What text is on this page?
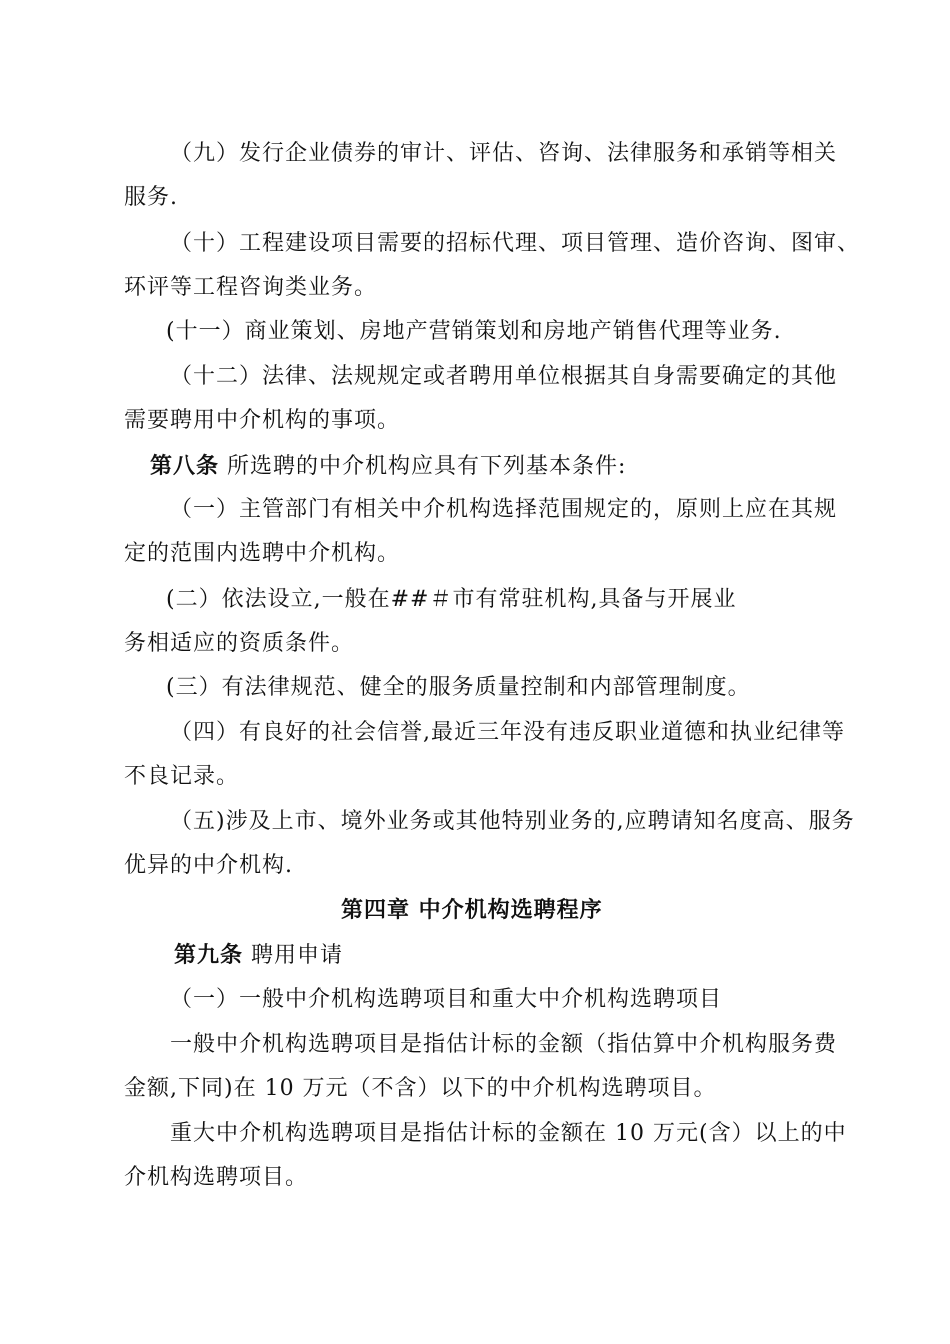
（九）发行企业债券的审计、评估、咨询、法律服务和承销等相关
服务.
（十）工程建设项目需要的招标代理、项目管理、造价咨询、图审、
环评等工程咨询类业务。
(十一）商业策划、房地产营销策划和房地产销售代理等业务.
（十二）法律、法规规定或者聘用单位根据其自身需要确定的其他
需要聘用中介机构的事项。
第八条 所选聘的中介机构应具有下列基本条件:
（一）主管部门有相关中介机构选择范围规定的，原则上应在其规
定的范围内选聘中介机构。
(二）依法设立,一般在##＃市有常驻机构,具备与开展业
务相适应的资质条件。
(三）有法律规范、健全的服务质量控制和内部管理制度。
（四）有良好的社会信誉,最近三年没有违反职业道德和执业纪律等
不良记录。
（五)涉及上市、境外业务或其他特别业务的,应聘请知名度高、服务
优异的中介机构.
第四章 中介机构选聘程序
第九条 聘用申请
（一）一般中介机构选聘项目和重大中介机构选聘项目
一般中介机构选聘项目是指估计标的金额（指估算中介机构服务费
金额,下同)在 10 万元（不含）以下的中介机构选聘项目。
重大中介机构选聘项目是指估计标的金额在 10 万元(含）以上的中
介机构选聘项目。
